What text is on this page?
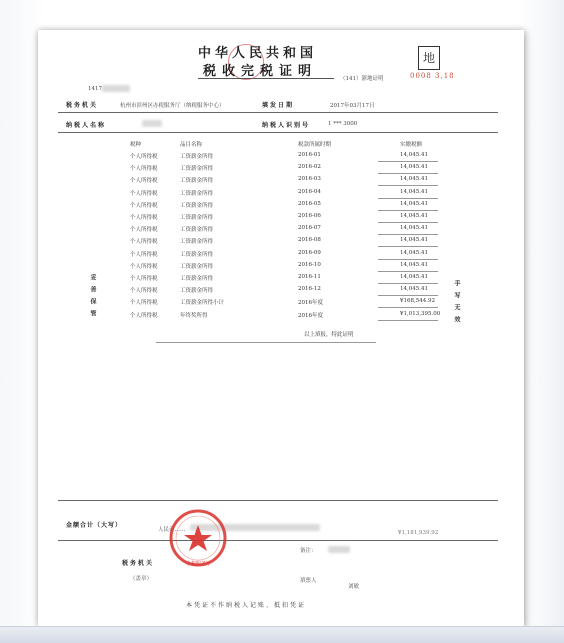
中华人民共和国
税收完税证明
地
（141）浙地证明	0008 3,18
1417
税务机关	杭州市滨州区办税服务厅（纳税服务中心）	填发日期	2017年03月17日
纳税人名称	纳税人识别号	1 *** 3000
税种	品目名称	税款所属时期	实缴税额
个人所得税	工资薪金所得	2016-01	14,045.41
个人所得税	工资薪金所得	2016-02	14,045.41
个人所得税	工资薪金所得	2016-03	14,045.41
个人所得税	工资薪金所得	2016-04	14,045.41
个人所得税	工资薪金所得	2016-05	14,045.41
个人所得税	工资薪金所得	2016-06	14,045.41
个人所得税	工资薪金所得	2016-07	14,045.41
个人所得税	工资薪金所得	2016-08	14,045.41
个人所得税	工资薪金所得	2016-09	14,045.41
个人所得税	工资薪金所得	2016-10	14,045.41
个人所得税	工资薪金所得	2016-11	14,045.41
个人所得税	工资薪金所得	2016-12	14,045.41
个人所得税	工资薪金所得小计	2016年度	¥168,544.92
个人所得税	年终奖所得	2016年度	¥1,013,395.00
以上填报，特此证明
妥善保管	手写无效
金额合计（大写）
人民币……	¥1,181,939.92
税务机关
（盖章）
备注：
填票人
刘敏
办税服务厅
本凭证不作纳税人记账、抵扣凭证
